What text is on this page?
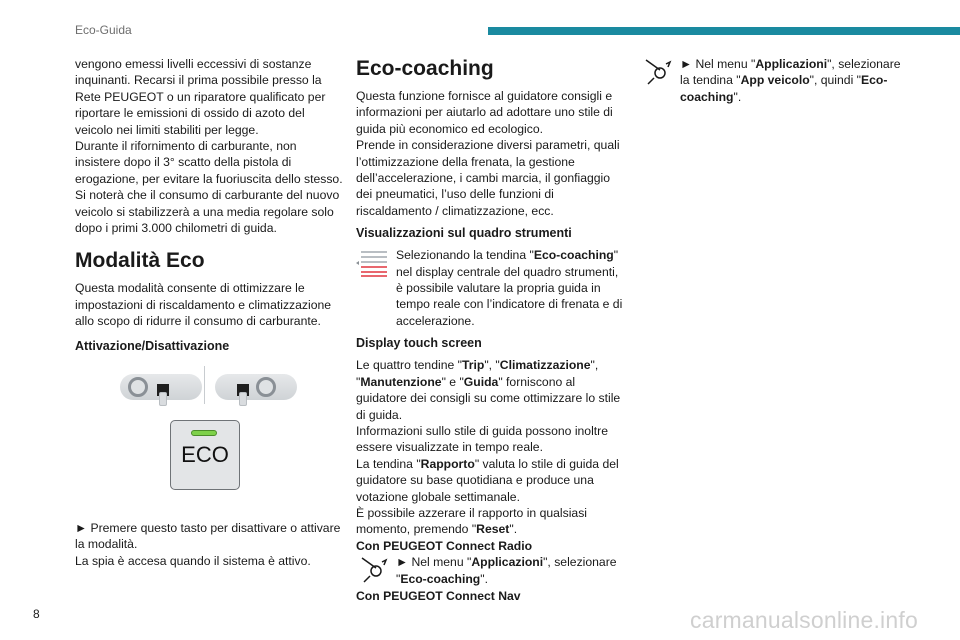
Eco-Guida

vengono emessi livelli eccessivi di sostanze inquinanti. Recarsi il prima possibile presso la Rete PEUGEOT o un riparatore qualificato per riportare le emissioni di ossido di azoto del veicolo nei limiti stabiliti per legge.

Durante il rifornimento di carburante, non insistere dopo il 3° scatto della pistola di erogazione, per evitare la fuoriuscita dello stesso.

Si noterà che il consumo di carburante del nuovo veicolo si stabilizzerà a una media regolare solo dopo i primi 3.000 chilometri di guida.

Modalità Eco

Questa modalità consente di ottimizzare le impostazioni di riscaldamento e climatizzazione allo scopo di ridurre il consumo di carburante.

Attivazione/Disattivazione
ECO

► Premere questo tasto per disattivare o attivare la modalità.

La spia è accesa quando il sistema è attivo.

Eco-coaching

Questa funzione fornisce al guidatore consigli e informazioni per aiutarlo ad adottare uno stile di guida più economico ed ecologico.

Prende in considerazione diversi parametri, quali l’ottimizzazione della frenata, la gestione dell’accelerazione, i cambi marcia, il gonfiaggio dei pneumatici, l’uso delle funzioni di riscaldamento / climatizzazione, ecc.

Visualizzazioni sul quadro strumenti

Selezionando la tendina "Eco-coaching" nel display centrale del quadro strumenti, è possibile valutare la propria guida in tempo reale con l’indicatore di frenata e di accelerazione.

Display touch screen

Le quattro tendine "Trip", "Climatizzazione", "Manutenzione" e "Guida" forniscono al guidatore dei consigli su come ottimizzare lo stile di guida.

Informazioni sullo stile di guida possono inoltre essere visualizzate in tempo reale.

La tendina "Rapporto" valuta lo stile di guida del guidatore su base quotidiana e produce una votazione globale settimanale.

È possibile azzerare il rapporto in qualsiasi momento, premendo "Reset".

Con PEUGEOT Connect Radio

► Nel menu "Applicazioni", selezionare "Eco-coaching".

Con PEUGEOT Connect Nav

► Nel menu "Applicazioni", selezionare la tendina "App veicolo", quindi "Eco-coaching".

8	carmanualsonline.info
